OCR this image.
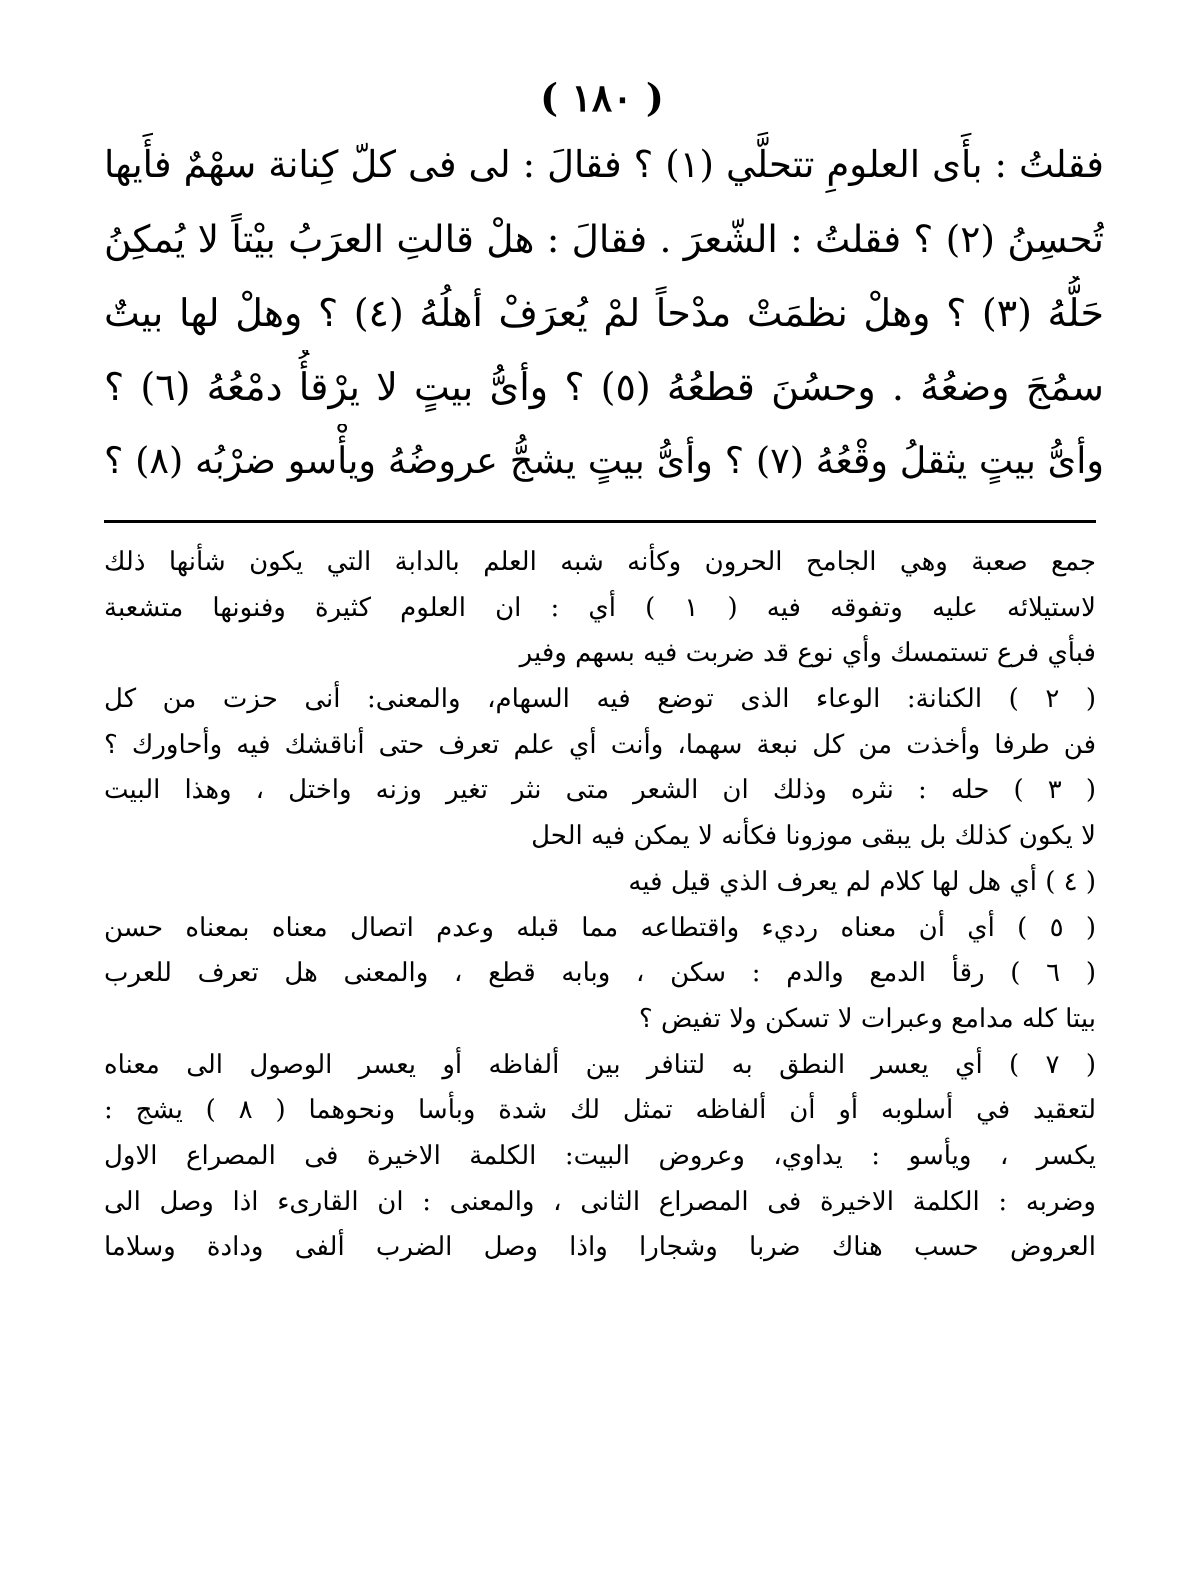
( ١٨٠ )
فقلتُ : بأَى العلومِ تتحلَّي (١) ؟ فقالَ : لى فى كلّ كِنانة سهْمٌ فأَيها
تُحسِنُ (٢) ؟ فقلتُ : الشّعرَ . فقالَ : هلْ قالتِ العرَبُ بيْتاً لا يُمكِنُ
حَلُّهُ (٣) ؟ وهلْ نظمَتْ مدْحاً لمْ يُعرَفْ أهلُهُ (٤) ؟ وهلْ لها بيتٌ
سمُجَ وضعُهُ . وحسُنَ قطعُهُ (٥) ؟ وأىُّ بيتٍ لا يرْقأُ دمْعُهُ (٦) ؟
وأىُّ بيتٍ يثقلُ وقْعُهُ (٧) ؟ وأىُّ بيتٍ يشجُّ عروضُهُ ويأْسو ضرْبُه (٨) ؟
جمع صعبة وهي الجامح الحرون وكأنه شبه العلم بالدابة التي يكون شأنها ذلك
لاستيلائه عليه وتفوقه فيه ( ١ ) أي : ان العلوم كثيرة وفنونها متشعبة
فبأي فرع تستمسك وأي نوع قد ضربت فيه بسهم وفير
( ٢ ) الكنانة: الوعاء الذى توضع فيه السهام، والمعنى: أنى حزت من كل
فن طرفا وأخذت من كل نبعة سهما، وأنت أي علم تعرف حتى أناقشك فيه وأحاورك ؟
( ٣ ) حله : نثره وذلك ان الشعر متى نثر تغير وزنه واختل ، وهذا البيت
لا يكون كذلك بل يبقى موزونا فكأنه لا يمكن فيه الحل
( ٤ ) أي هل لها كلام لم يعرف الذي قيل فيه
( ٥ ) أي أن معناه رديء واقتطاعه مما قبله وعدم اتصال معناه بمعناه حسن
( ٦ ) رقأ الدمع والدم : سكن ، وبابه قطع ، والمعنى هل تعرف للعرب
بيتا كله مدامع وعبرات لا تسكن ولا تفيض ؟
( ٧ ) أي يعسر النطق به لتنافر بين ألفاظه أو يعسر الوصول الى معناه
لتعقيد في أسلوبه أو أن ألفاظه تمثل لك شدة وبأسا ونحوهما ( ٨ ) يشج :
يكسر ، ويأسو : يداوي، وعروض البيت: الكلمة الاخيرة فى المصراع الاول
وضربه : الكلمة الاخيرة فى المصراع الثانى ، والمعنى : ان القارىء اذا وصل الى
العروض حسب هناك ضربا وشجارا واذا وصل الضرب ألفى ودادة وسلاما
